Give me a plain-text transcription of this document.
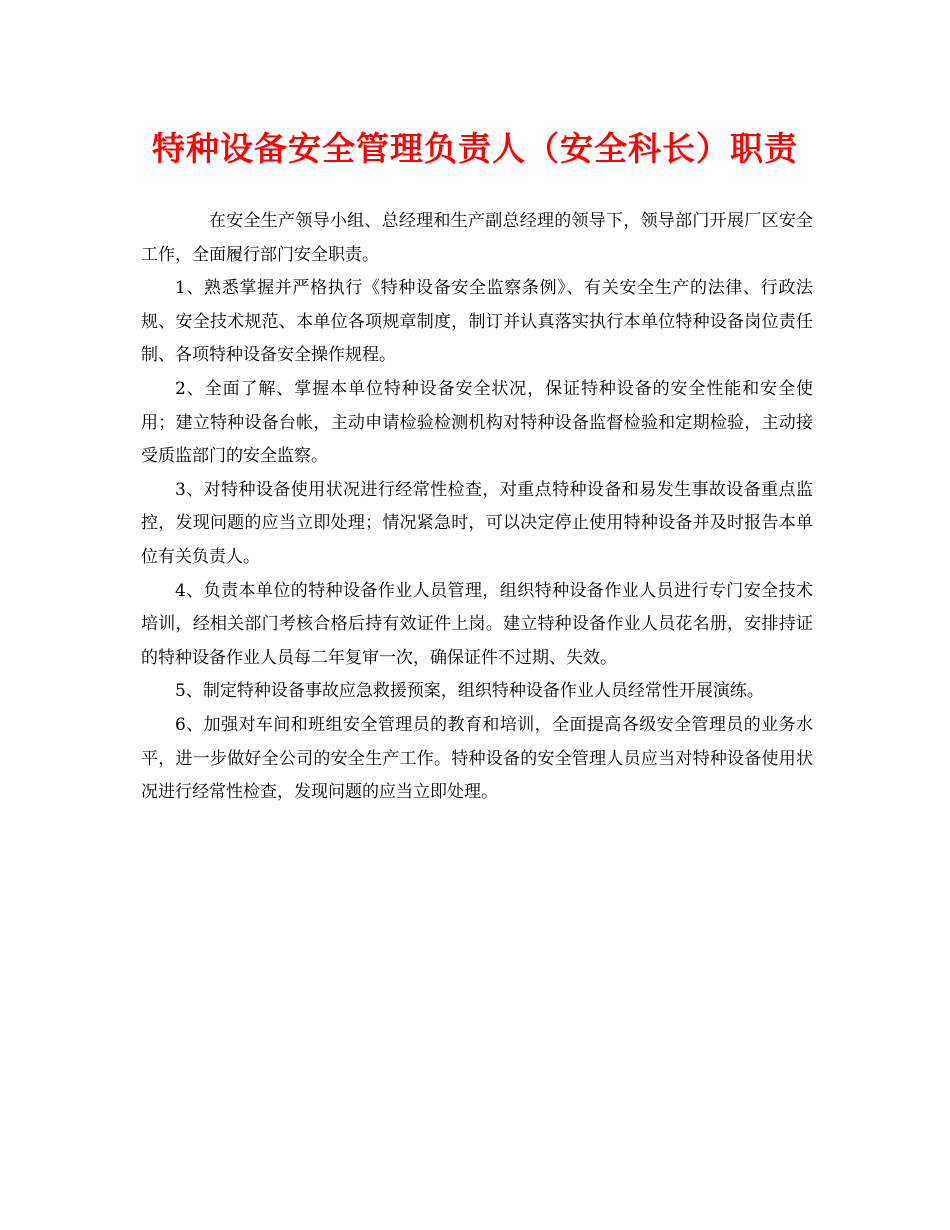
特种设备安全管理负责人（安全科长）职责

在安全生产领导小组、总经理和生产副总经理的领导下，领导部门开展厂区安全工作，全面履行部门安全职责。

1、熟悉掌握并严格执行《特种设备安全监察条例》、有关安全生产的法律、行政法规、安全技术规范、本单位各项规章制度，制订并认真落实执行本单位特种设备岗位责任制、各项特种设备安全操作规程。

2、全面了解、掌握本单位特种设备安全状况，保证特种设备的安全性能和安全使用；建立特种设备台帐，主动申请检验检测机构对特种设备监督检验和定期检验，主动接受质监部门的安全监察。

3、对特种设备使用状况进行经常性检查，对重点特种设备和易发生事故设备重点监控，发现问题的应当立即处理；情况紧急时，可以决定停止使用特种设备并及时报告本单位有关负责人。

4、负责本单位的特种设备作业人员管理，组织特种设备作业人员进行专门安全技术培训，经相关部门考核合格后持有效证件上岗。建立特种设备作业人员花名册，安排持证的特种设备作业人员每二年复审一次，确保证件不过期、失效。

5、制定特种设备事故应急救援预案，组织特种设备作业人员经常性开展演练。

6、加强对车间和班组安全管理员的教育和培训，全面提高各级安全管理员的业务水平，进一步做好全公司的安全生产工作。特种设备的安全管理人员应当对特种设备使用状况进行经常性检查，发现问题的应当立即处理。
